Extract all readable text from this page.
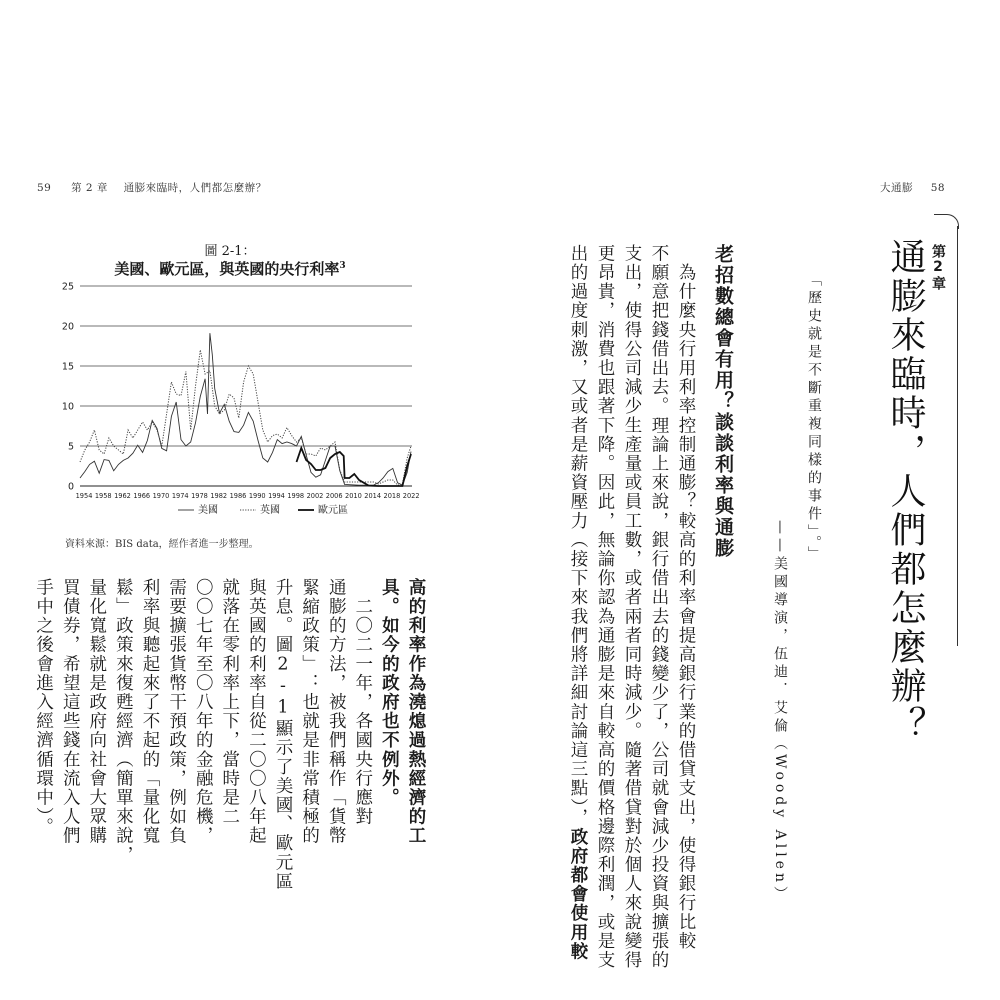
59 第 2 章 通膨來臨時，人們都怎麼辦？	大通膨 58
第2章
通膨來臨時，人們都怎麼辦？
「歷史就是不斷重複同樣的事件」。」
——美國導演，伍迪．艾倫（Woody Allen）
老招數總會有用？談談利率與通膨
　為什麼央行用利率控制通膨？較高的利率會提高銀行業的借貸支出，使得銀行比較
不願意把錢借出去。理論上來說，銀行借出去的錢變少了，公司就會減少投資與擴張的
支出，使得公司減少生產量或員工數，或者兩者同時減少。隨著借貸對於個人來說變得
更昂貴，消費也跟著下降。因此，無論你認為通膨是來自較高的價格邊際利潤，或是支
出的過度刺激，又或者是薪資壓力（接下來我們將詳細討論這三點），政府都會使用較
圖 2-1：
美國、歐元區，與英國的央行利率$^3$
0
5
10
15
20
25
1954 1958 1962 1966 1970 1974 1978 1982 1986 1990 1994 1998 2002 2006 2010 2014 2018 2022
美國	英國	歐元區
資料來源：BIS data，經作者進一步整理。
高的利率作為澆熄過熱經濟的工
具。如今的政府也不例外。
　二〇二一年，各國央行應對
通膨的方法，被我們稱作「貨幣
緊縮政策」：也就是非常積極的
升息。圖2-1顯示了美國、歐元區
與英國的利率自從二〇〇八年起
就落在零利率上下，當時是二
〇〇七年至〇八年的金融危機，
需要擴張貨幣干預政策，例如負
利率與聽起來了不起的「量化寬
鬆」政策來復甦經濟（簡單來說，
量化寬鬆就是政府向社會大眾購
買債券，希望這些錢在流入人們
手中之後會進入經濟循環中）。
